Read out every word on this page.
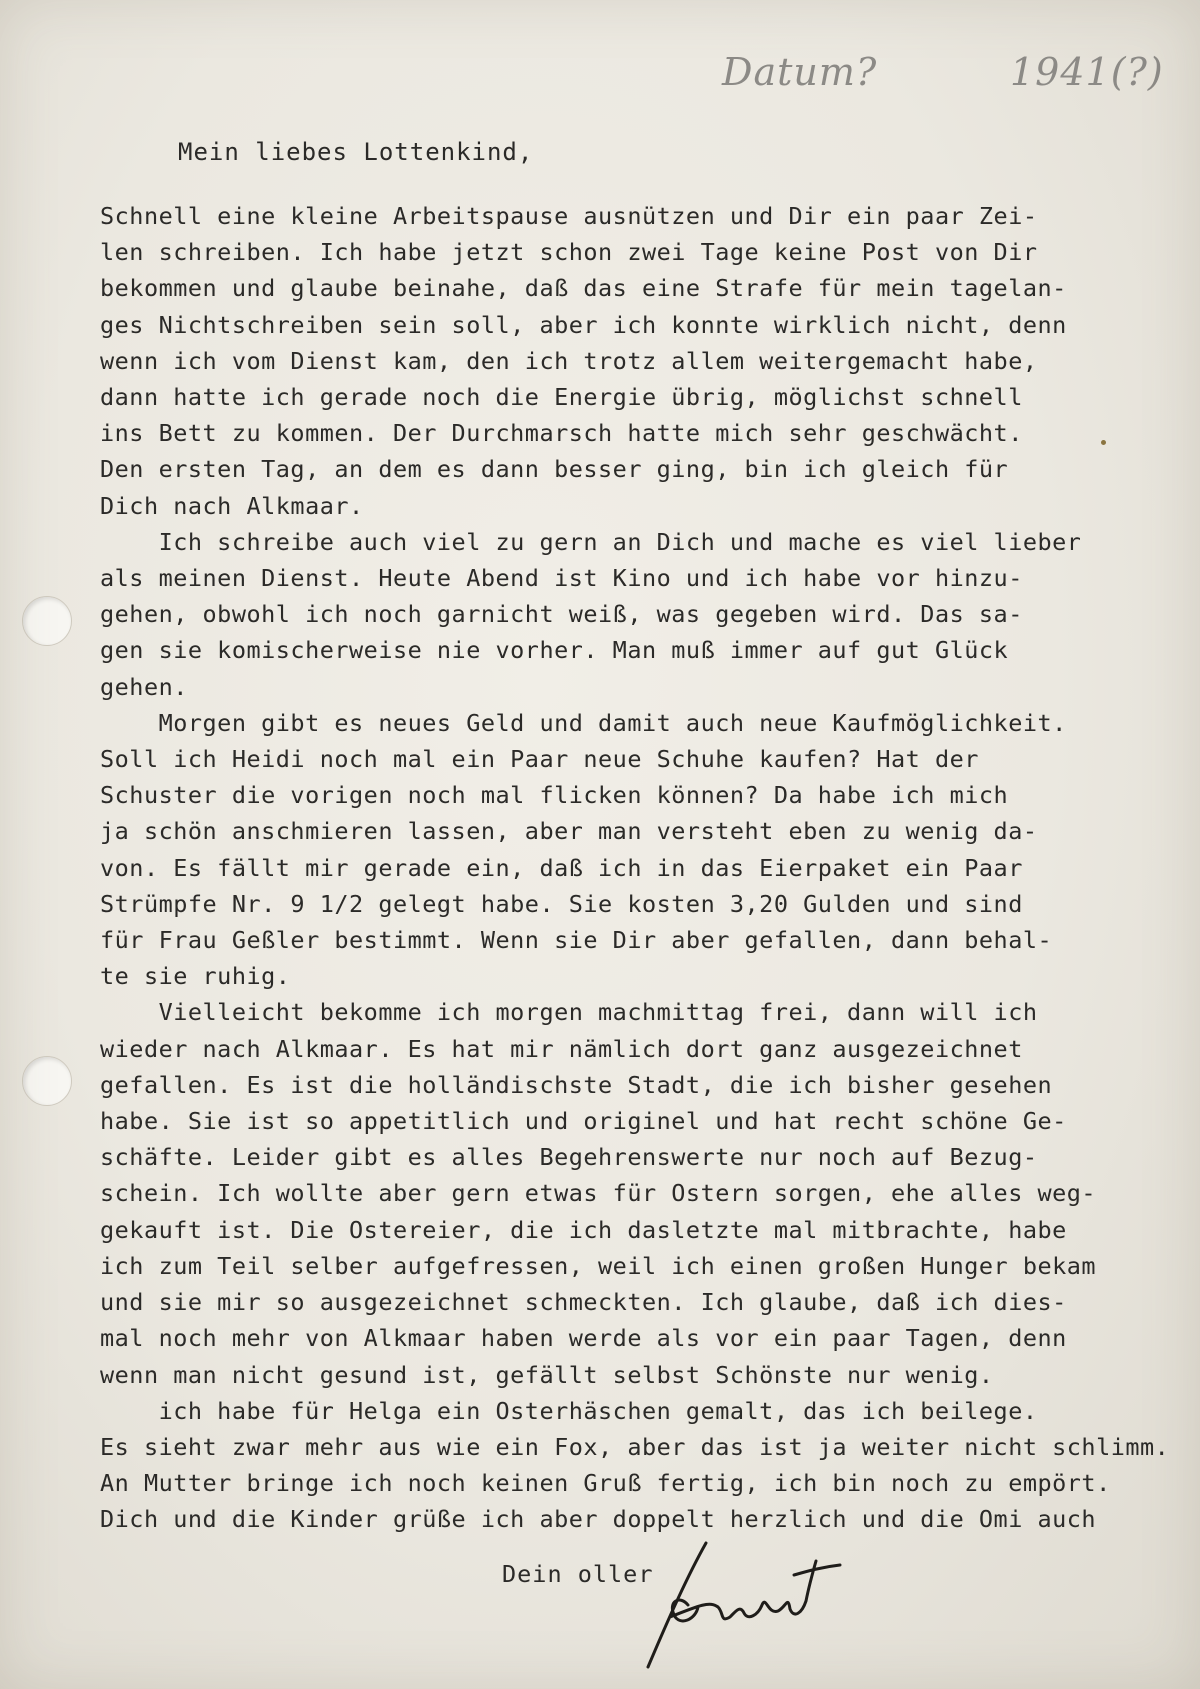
Datum?	1941(?)
Mein liebes Lottenkind,
Schnell eine kleine Arbeitspause ausnützen und Dir ein paar Zei-
len schreiben. Ich habe jetzt schon zwei Tage keine Post von Dir
bekommen und glaube beinahe, daß das eine Strafe für mein tagelan-
ges Nichtschreiben sein soll, aber ich konnte wirklich nicht, denn
wenn ich vom Dienst kam, den ich trotz allem weitergemacht habe,
dann hatte ich gerade noch die Energie übrig, möglichst schnell
ins Bett zu kommen. Der Durchmarsch hatte mich sehr geschwächt.
Den ersten Tag, an dem es dann besser ging, bin ich gleich für
Dich nach Alkmaar.
Ich schreibe auch viel zu gern an Dich und mache es viel lieber
als meinen Dienst. Heute Abend ist Kino und ich habe vor hinzu-
gehen, obwohl ich noch garnicht weiß, was gegeben wird. Das sa-
gen sie komischerweise nie vorher. Man muß immer auf gut Glück
gehen.
Morgen gibt es neues Geld und damit auch neue Kaufmöglichkeit.
Soll ich Heidi noch mal ein Paar neue Schuhe kaufen? Hat der
Schuster die vorigen noch mal flicken können? Da habe ich mich
ja schön anschmieren lassen, aber man versteht eben zu wenig da-
von. Es fällt mir gerade ein, daß ich in das Eierpaket ein Paar
Strümpfe Nr. 9 1/2 gelegt habe. Sie kosten 3,20 Gulden und sind
für Frau Geßler bestimmt. Wenn sie Dir aber gefallen, dann behal-
te sie ruhig.
Vielleicht bekomme ich morgen machmittag frei, dann will ich
wieder nach Alkmaar. Es hat mir nämlich dort ganz ausgezeichnet
gefallen. Es ist die holländischste Stadt, die ich bisher gesehen
habe. Sie ist so appetitlich und originel und hat recht schöne Ge-
schäfte. Leider gibt es alles Begehrenswerte nur noch auf Bezug-
schein. Ich wollte aber gern etwas für Ostern sorgen, ehe alles weg-
gekauft ist. Die Ostereier, die ich dasletzte mal mitbrachte, habe
ich zum Teil selber aufgefressen, weil ich einen großen Hunger bekam
und sie mir so ausgezeichnet schmeckten. Ich glaube, daß ich dies-
mal noch mehr von Alkmaar haben werde als vor ein paar Tagen, denn
wenn man nicht gesund ist, gefällt selbst Schönste nur wenig.
ich habe für Helga ein Osterhäschen gemalt, das ich beilege.
Es sieht zwar mehr aus wie ein Fox, aber das ist ja weiter nicht schlimm.
An Mutter bringe ich noch keinen Gruß fertig, ich bin noch zu empört.
Dich und die Kinder grüße ich aber doppelt herzlich und die Omi auch
Dein oller
